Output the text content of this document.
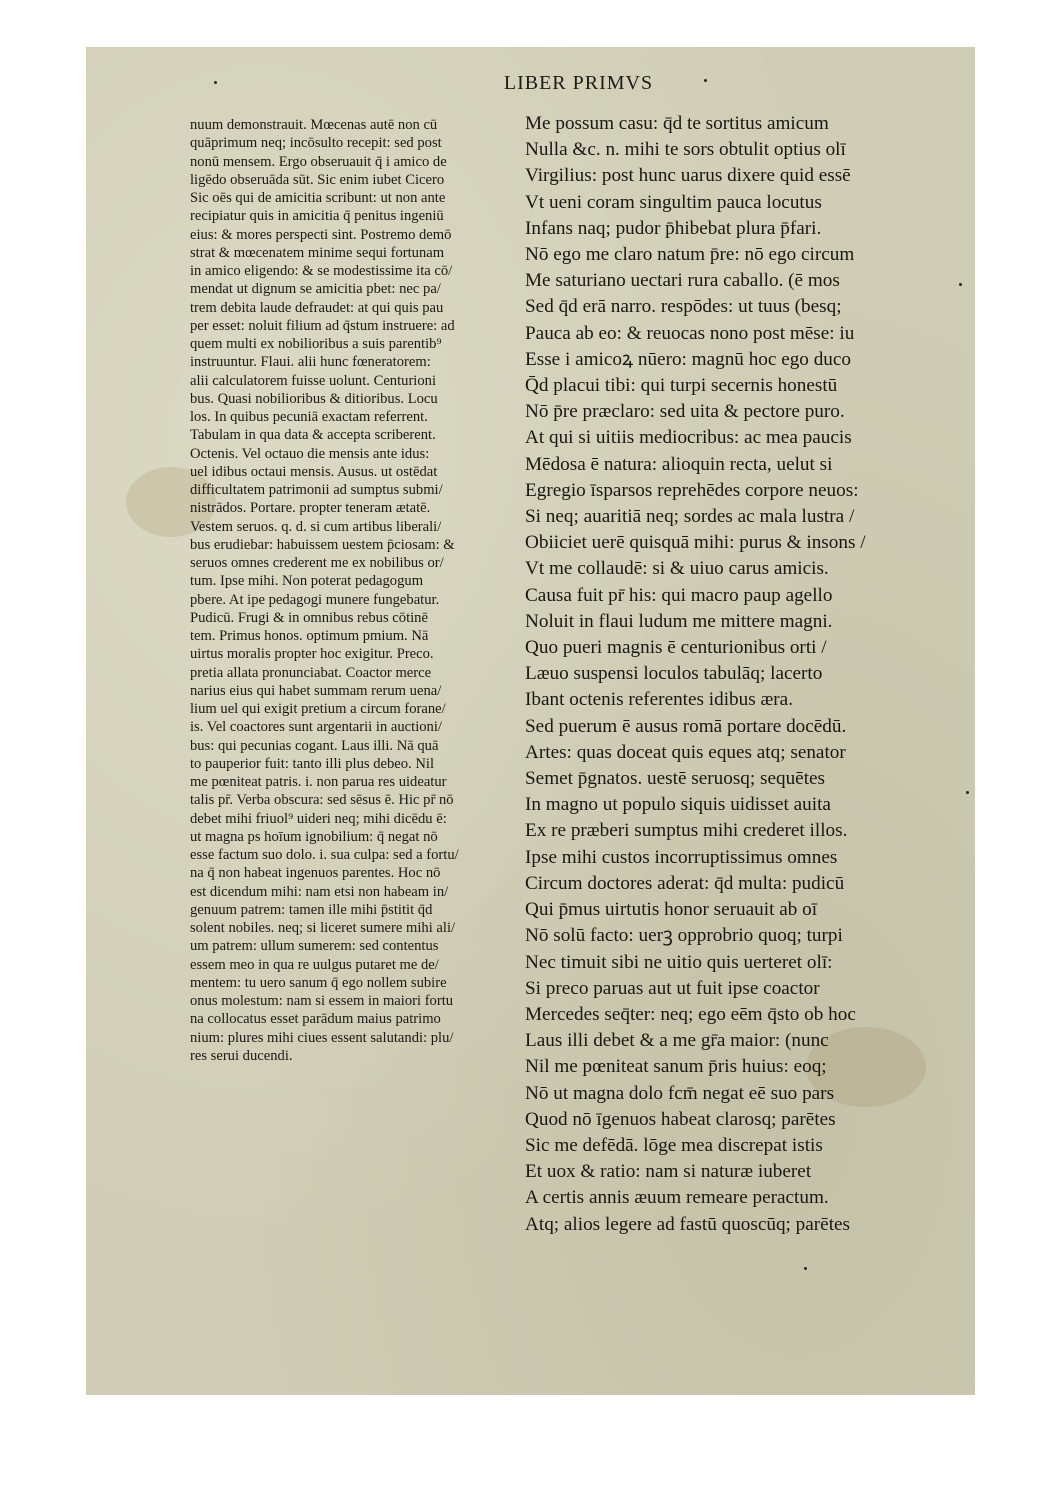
LIBER PRIMVS
nuum demonstrauit. Mœcenas autē non cū
quāprimum neq; incōsulto recepit: sed post
nonū mensem. Ergo obseruauit q̄ i amico de
ligēdo obseruāda sūt. Sic enim iubet Cicero
Sic oēs qui de amicitia scribunt: ut non ante
recipiatur quis in amicitia q̄ penitus ingeniū
eius: & mores perspecti sint. Postremo demō
strat & mœcenatem minime sequi fortunam
in amico eligendo: & se modestissime ita cō/
mendat ut dignum se amicitia pbet: nec pa/
trem debita laude defraudet: at qui quis pau
per esset: noluit filium ad q̄stum instruere: ad
quem multi ex nobilioribus a suis parentib⁹
instruuntur. Flaui. alii hunc fœneratorem:
alii calculatorem fuisse uolunt. Centurioni
bus. Quasi nobilioribus & ditioribus. Locu
los. In quibus pecuniā exactam referrent.
Tabulam in qua data & accepta scriberent.
Octenis. Vel octauo die mensis ante idus:
uel idibus octaui mensis. Ausus. ut ostēdat
difficultatem patrimonii ad sumptus submi/
nistrādos. Portare. propter teneram ætatē.
Vestem seruos. q. d. si cum artibus liberali/
bus erudiebar: habuissem uestem p̄ciosam: &
seruos omnes crederent me ex nobilibus or/
tum. Ipse mihi. Non poterat pedagogum
pbere. At ipe pedagogi munere fungebatur.
Pudicū. Frugi & in omnibus rebus cōtinē
tem. Primus honos. optimum pmium. Nā
uirtus moralis propter hoc exigitur. Preco.
pretia allata pronunciabat. Coactor merce
narius eius qui habet summam rerum uena/
lium uel qui exigit pretium a circum forane/
is. Vel coactores sunt argentarii in auctioni/
bus: qui pecunias cogant. Laus illi. Nā quā
to pauperior fuit: tanto illi plus debeo. Nil
me pœniteat patris. i. non parua res uideatur
talis pr̄. Verba obscura: sed sēsus ē. Hic pr̄ nō
debet mihi friuol⁹ uideri neq; mihi dicēdu ē:
ut magna ps hoīum ignobilium: q̄ negat nō
esse factum suo dolo. i. sua culpa: sed a fortu/
na q̄ non habeat ingenuos parentes. Hoc nō
est dicendum mihi: nam etsi non habeam in/
genuum patrem: tamen ille mihi p̄stitit q̄d
solent nobiles. neq; si liceret sumere mihi ali/
um patrem: ullum sumerem: sed contentus
essem meo in qua re uulgus putaret me de/
mentem: tu uero sanum q̄ ego nollem subire
onus molestum: nam si essem in maiori fortu
na collocatus esset parādum maius patrimo
nium: plures mihi ciues essent salutandi: plu/
res serui ducendi.
Me possum casu: q̄d te sortitus amicum
Nulla &c. n. mihi te sors obtulit optius olī
Virgilius: post hunc uarus dixere quid essē
Vt ueni coram singultim pauca locutus
Infans naq; pudor p̄hibebat plura p̄fari.
Nō ego me claro natum p̄re: nō ego circum
Me saturiano uectari rura caballo. (ē mos
Sed q̄d erā narro. respōdes: ut tuus (besq;
Pauca ab eo: & reuocas nono post mēse: iu
Esse i amicoꝝ nūero: magnū hoc ego duco
Q̄d placui tibi: qui turpi secernis honestū
Nō p̄re præclaro: sed uita & pectore puro.
At qui si uitiis mediocribus: ac mea paucis
Mēdosa ē natura: alioquin recta, uelut si
Egregio īsparsos reprehēdes corpore neuos:
Si neq; auaritiā neq; sordes ac mala lustra /
Obiiciet uerē quisquā mihi: purus & insons /
Vt me collaudē: si & uiuo carus amicis.
Causa fuit pr̄ his: qui macro paup agello
Noluit in flaui ludum me mittere magni.
Quo pueri magnis ē centurionibus orti /
Læuo suspensi loculos tabulāq; lacerto
Ibant octenis referentes idibus æra.
Sed puerum ē ausus romā portare docēdū.
Artes: quas doceat quis eques atq; senator
Semet p̄gnatos. uestē seruosq; sequētes
In magno ut populo siquis uidisset auita
Ex re præberi sumptus mihi crederet illos.
Ipse mihi custos incorruptissimus omnes
Circum doctores aderat: q̄d multa: pudicū
Qui p̄mus uirtutis honor seruauit ab oī
Nō solū facto: uerꝫ opprobrio quoq; turpi
Nec timuit sibi ne uitio quis uerteret olī:
Si preco paruas aut ut fuit ipse coactor
Mercedes seq̄ter: neq; ego eēm q̄sto ob hoc
Laus illi debet & a me gr̄a maior: (nunc
Nil me pœniteat sanum p̄ris huius: eoq;
Nō ut magna dolo fcm̄ negat eē suo pars
Quod nō īgenuos habeat clarosq; parētes
Sic me defēdā. lōge mea discrepat istis
Et uox & ratio: nam si naturæ iuberet
A certis annis æuum remeare peractum.
Atq; alios legere ad fastū quoscūq; parētes
